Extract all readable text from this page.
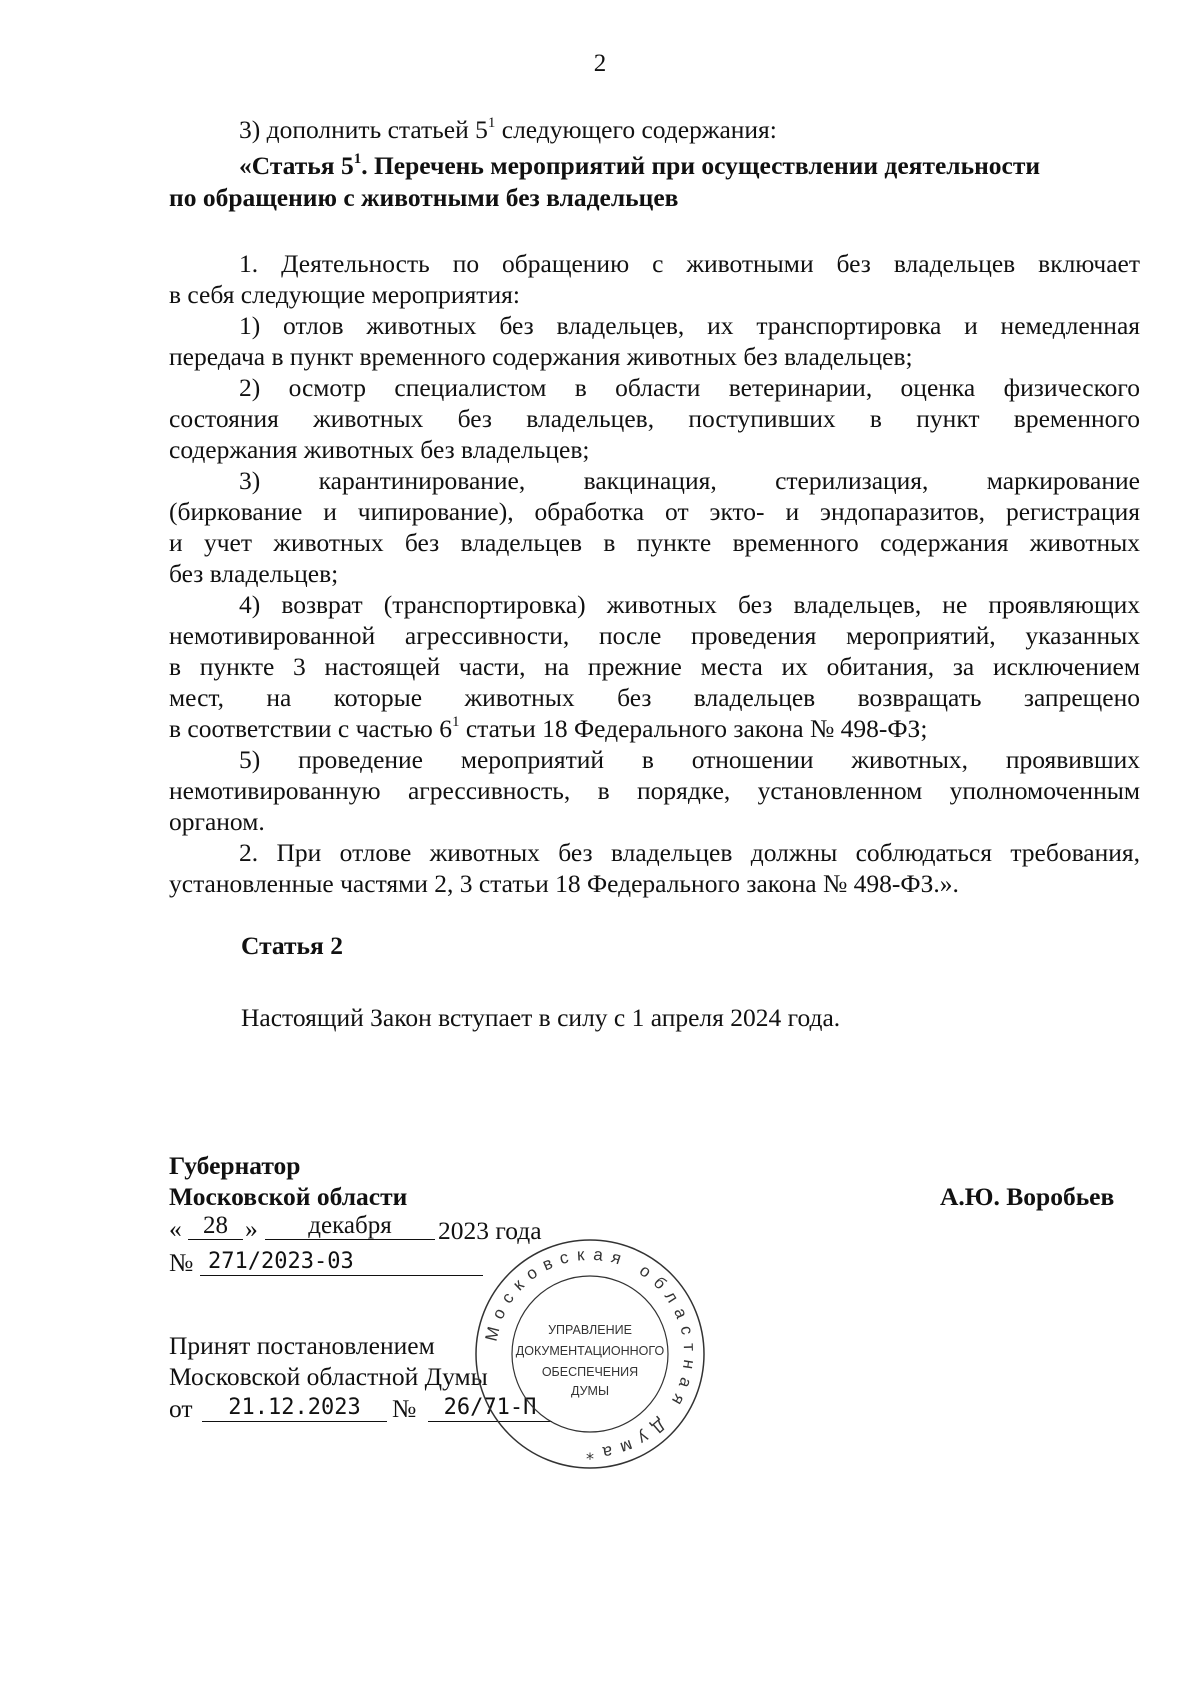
2
3) дополнить статьей $5^1$ следующего содержания:
«Статья $5^1$. Перечень мероприятий при осуществлении деятельности
по обращению с животными без владельцев
1. Деятельность по обращению с животными без владельцев включает
в себя следующие мероприятия:
1) отлов животных без владельцев, их транспортировка и немедленная
передача в пункт временного содержания животных без владельцев;
2) осмотр специалистом в области ветеринарии, оценка физического
состояния животных без владельцев, поступивших в пункт временного
содержания животных без владельцев;
3) карантинирование, вакцинация, стерилизация, маркирование
(биркование и чипирование), обработка от экто- и эндопаразитов, регистрация
и учет животных без владельцев в пункте временного содержания животных
без владельцев;
4) возврат (транспортировка) животных без владельцев, не проявляющих
немотивированной агрессивности, после проведения мероприятий, указанных
в пункте 3 настоящей части, на прежние места их обитания, за исключением
мест, на которые животных без владельцев возвращать запрещено
в соответствии с частью $6^1$ статьи 18 Федерального закона № 498-ФЗ;
5) проведение мероприятий в отношении животных, проявивших
немотивированную агрессивность, в порядке, установленном уполномоченным
органом.
2. При отлове животных без владельцев должны соблюдаться требования,
установленные частями 2, 3 статьи 18 Федерального закона № 498-ФЗ.».
Статья 2
Настоящий Закон вступает в силу с 1 апреля 2024 года.
Губернатор
Московской области	А.Ю. Воробьев
« 28 »	декабря	2023 года
№ 271/2023-03
Принят постановлением
Московской областной Думы
от	21.12.2023	№	26/71-П
Московская областная Дума
УПРАВЛЕНИЕ
ДОКУМЕНТАЦИОННОГО
ОБЕСПЕЧЕНИЯ
ДУМЫ
*
